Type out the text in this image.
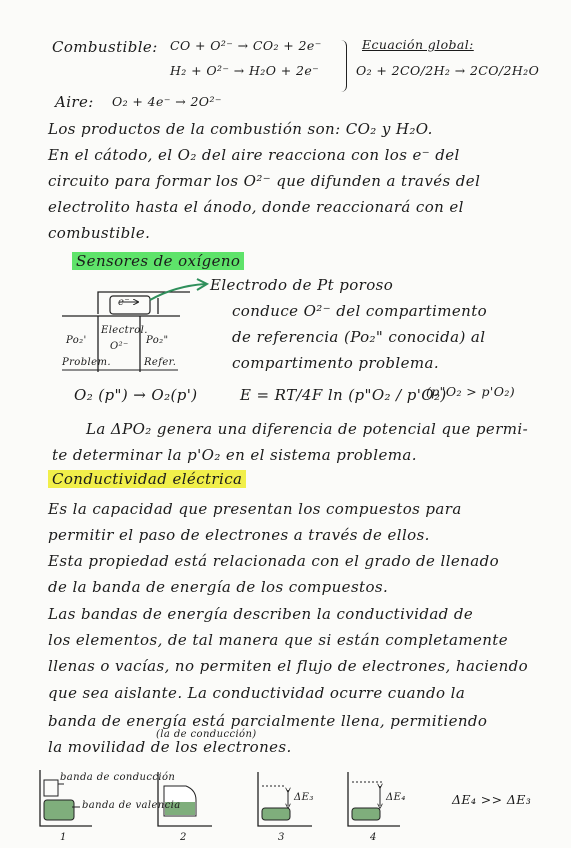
Combustible: CO + O²⁻ → CO₂ + 2e⁻
H₂ + O²⁻ → H₂O + 2e⁻
Ecuación global:
O₂ + 2CO/2H₂ → 2CO/2H₂O
Aire: O₂ + 4e⁻ → 2O²⁻
Los productos de la combustión son: CO₂ y H₂O.
En el cátodo, el O₂ del aire reacciona con los e⁻ del
circuito para formar los O²⁻ que difunden a través del
electrolito hasta el ánodo, donde reaccionará con el
combustible.
Sensores de oxígeno
e⁻
Po₂'
Problem.
Electrol.
O²⁻
Po₂"
Refer.
Electrodo de Pt poroso
conduce O²⁻ del compartimento
de referencia (Po₂" conocida) al
compartimento problema.
O₂ (p") → O₂(p')	E = RT/4F ln (p"O₂ / p'O₂)
(p"O₂ > p'O₂)
La ΔPO₂ genera una diferencia de potencial que permi-
te determinar la p'O₂ en el sistema problema.
Conductividad eléctrica
Es la capacidad que presentan los compuestos para
permitir el paso de electrones a través de ellos.
Esta propiedad está relacionada con el grado de llenado
de la banda de energía de los compuestos.
Las bandas de energía describen la conductividad de
los elementos, de tal manera que si están completamente
llenas o vacías, no permiten el flujo de electrones, haciendo
que sea aislante. La conductividad ocurre cuando la
banda de energía está parcialmente llena, permitiendo
(la de conducción)
la movilidad de los electrones.
banda de conducción
banda de valencia
ΔE₃	ΔE₄	ΔE₄ >> ΔE₃
1	2	3	4
